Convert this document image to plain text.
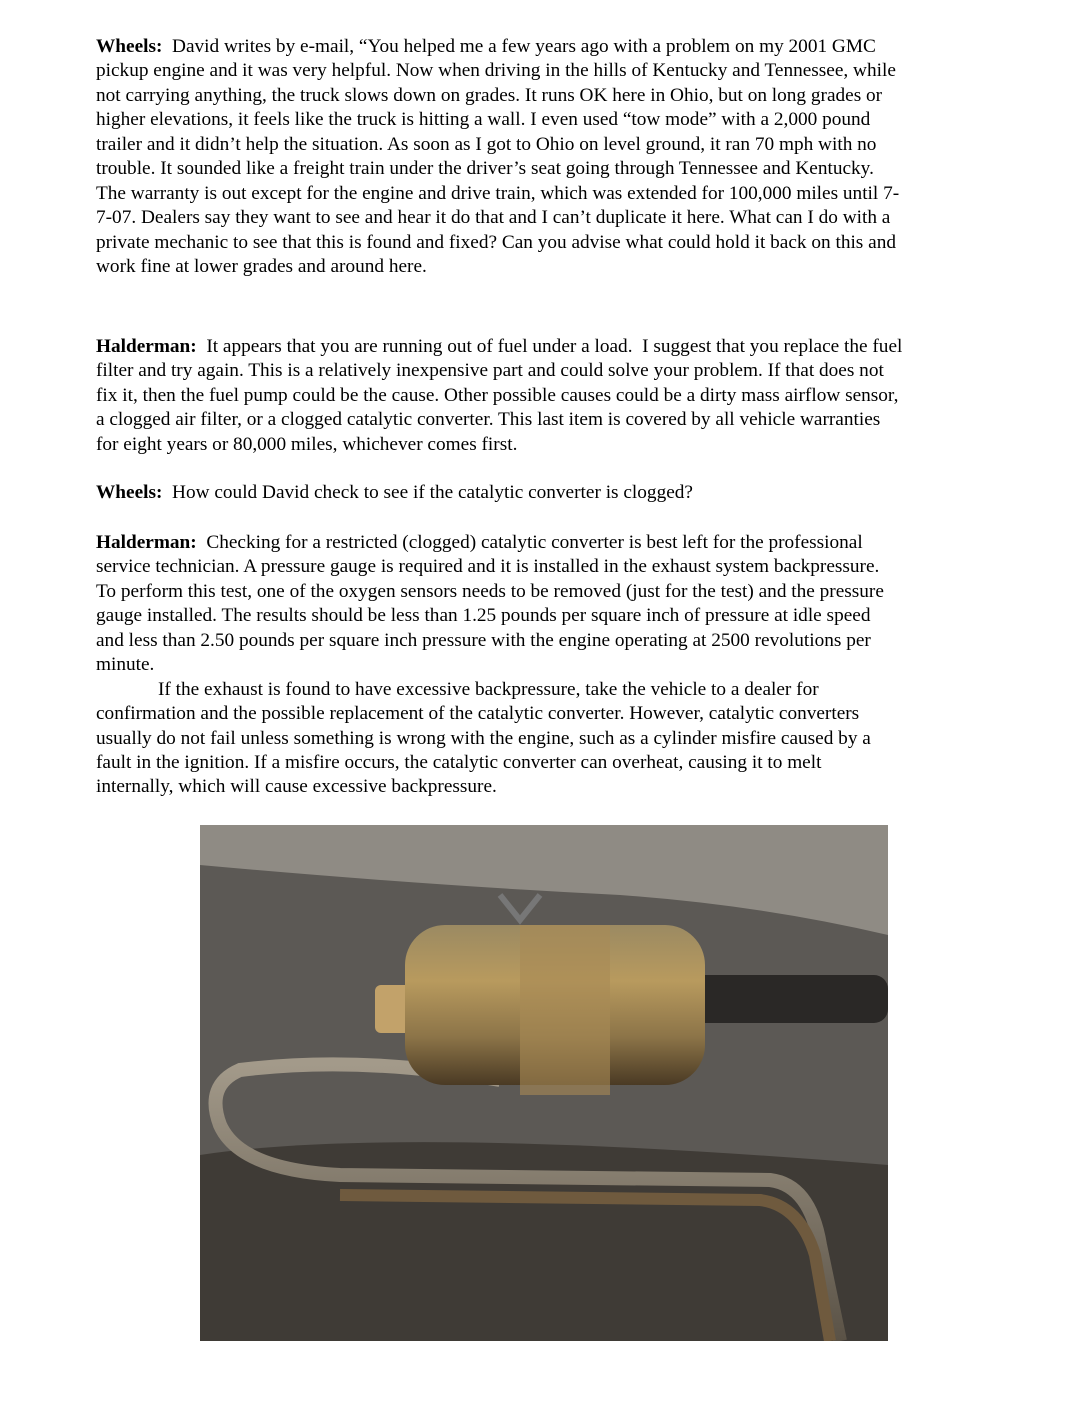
Wheels:  David writes by e-mail, “You helped me a few years ago with a problem on my 2001 GMC
pickup engine and it was very helpful. Now when driving in the hills of Kentucky and Tennessee, while
not carrying anything, the truck slows down on grades. It runs OK here in Ohio, but on long grades or
higher elevations, it feels like the truck is hitting a wall. I even used “tow mode” with a 2,000 pound
trailer and it didn’t help the situation. As soon as I got to Ohio on level ground, it ran 70 mph with no
trouble. It sounded like a freight train under the driver’s seat going through Tennessee and Kentucky.
The warranty is out except for the engine and drive train, which was extended for 100,000 miles until 7-
7-07. Dealers say they want to see and hear it do that and I can’t duplicate it here. What can I do with a
private mechanic to see that this is found and fixed? Can you advise what could hold it back on this and
work fine at lower grades and around here.
Halderman:  It appears that you are running out of fuel under a load.  I suggest that you replace the fuel
filter and try again. This is a relatively inexpensive part and could solve your problem. If that does not
fix it, then the fuel pump could be the cause. Other possible causes could be a dirty mass airflow sensor,
a clogged air filter, or a clogged catalytic converter. This last item is covered by all vehicle warranties
for eight years or 80,000 miles, whichever comes first.
Wheels:  How could David check to see if the catalytic converter is clogged?
Halderman:  Checking for a restricted (clogged) catalytic converter is best left for the professional
service technician. A pressure gauge is required and it is installed in the exhaust system backpressure.
To perform this test, one of the oxygen sensors needs to be removed (just for the test) and the pressure
gauge installed. The results should be less than 1.25 pounds per square inch of pressure at idle speed
and less than 2.50 pounds per square inch pressure with the engine operating at 2500 revolutions per
minute.
If the exhaust is found to have excessive backpressure, take the vehicle to a dealer for
confirmation and the possible replacement of the catalytic converter. However, catalytic converters
usually do not fail unless something is wrong with the engine, such as a cylinder misfire caused by a
fault in the ignition. If a misfire occurs, the catalytic converter can overheat, causing it to melt
internally, which will cause excessive backpressure.
